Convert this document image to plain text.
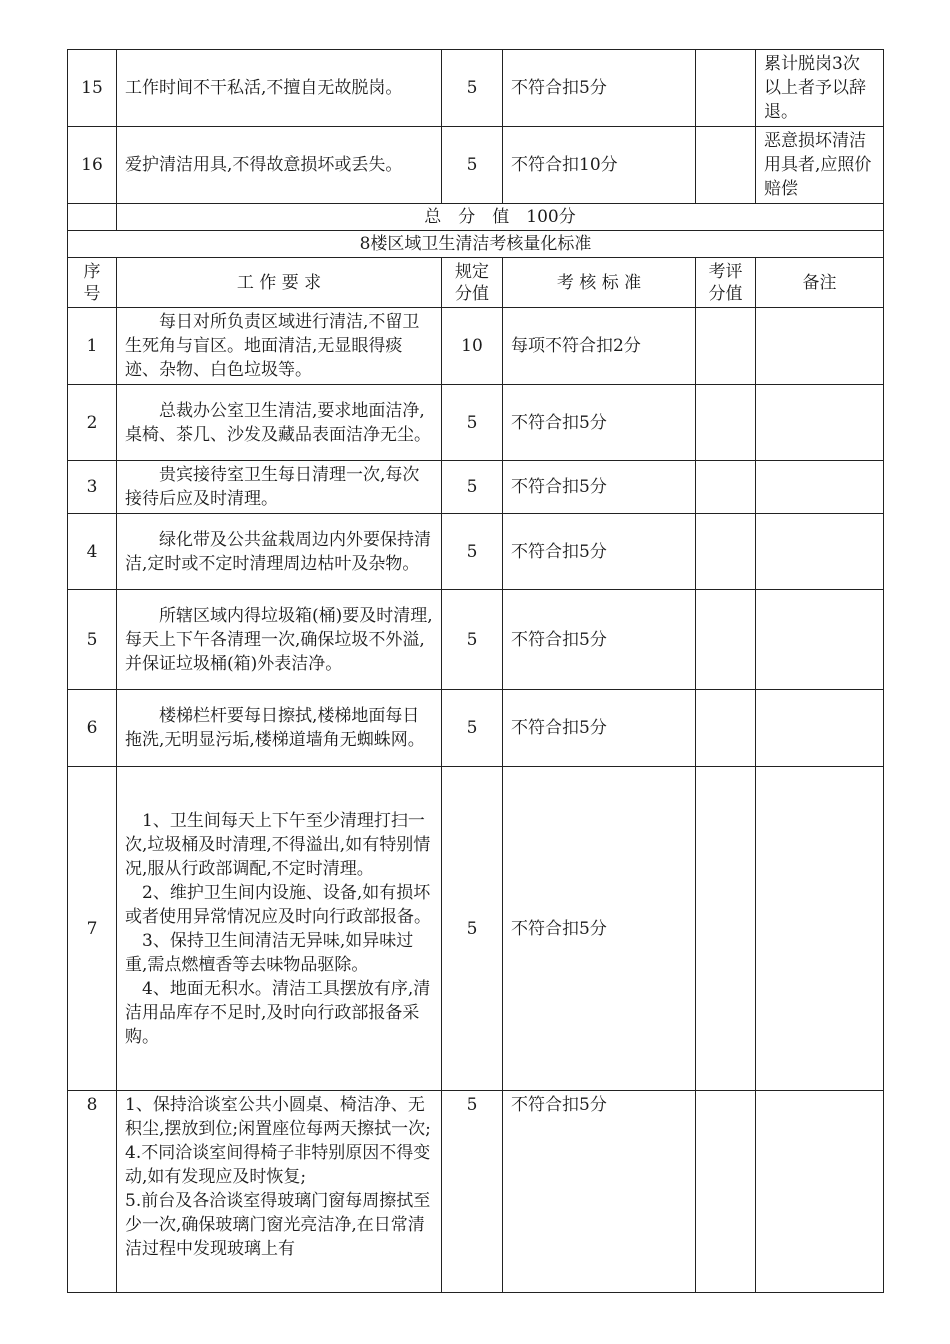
15	工作时间不干私活,不擅自无故脱岗。	5	不符合扣5分		累计脱岗3次以上者予以辞退。
16	爱护清洁用具,不得故意损坏或丢失。	5	不符合扣10分		恶意损坏清洁用具者,应照价赔偿
	总　分　值　100分				
8楼区域卫生清洁考核量化标准					
序号	工 作 要 求	规定分值	考 核 标 准	考评分值	备注
1	每日对所负责区域进行清洁,不留卫生死角与盲区。地面清洁,无显眼得痰迹、杂物、白色垃圾等。	10	每项不符合扣2分		
2	总裁办公室卫生清洁,要求地面洁净,桌椅、茶几、沙发及藏品表面洁净无尘。	5	不符合扣5分		
3	贵宾接待室卫生每日清理一次,每次接待后应及时清理。	5	不符合扣5分		
4	绿化带及公共盆栽周边内外要保持清洁,定时或不定时清理周边枯叶及杂物。	5	不符合扣5分		
5	所辖区域内得垃圾箱(桶)要及时清理,每天上下午各清理一次,确保垃圾不外溢,并保证垃圾桶(箱)外表洁净。	5	不符合扣5分		
6	楼梯栏杆要每日擦拭,楼梯地面每日拖洗,无明显污垢,楼梯道墙角无蜘蛛网。	5	不符合扣5分		
7	1、卫生间每天上下午至少清理打扫一次,垃圾桶及时清理,不得溢出,如有特别情况,服从行政部调配,不定时清理。
2、维护卫生间内设施、设备,如有损坏或者使用异常情况应及时向行政部报备。
3、保持卫生间清洁无异味,如异味过重,需点燃檀香等去味物品驱除。
4、地面无积水。清洁工具摆放有序,清洁用品库存不足时,及时向行政部报备采购。	5	不符合扣5分		
8	1、保持洽谈室公共小圆桌、椅洁净、无积尘,摆放到位;闲置座位每两天擦拭一次;
4.不同洽谈室间得椅子非特别原因不得变动,如有发现应及时恢复;
5.前台及各洽谈室得玻璃门窗每周擦拭至少一次,确保玻璃门窗光亮洁净,在日常清洁过程中发现玻璃上有	5	不符合扣5分		
